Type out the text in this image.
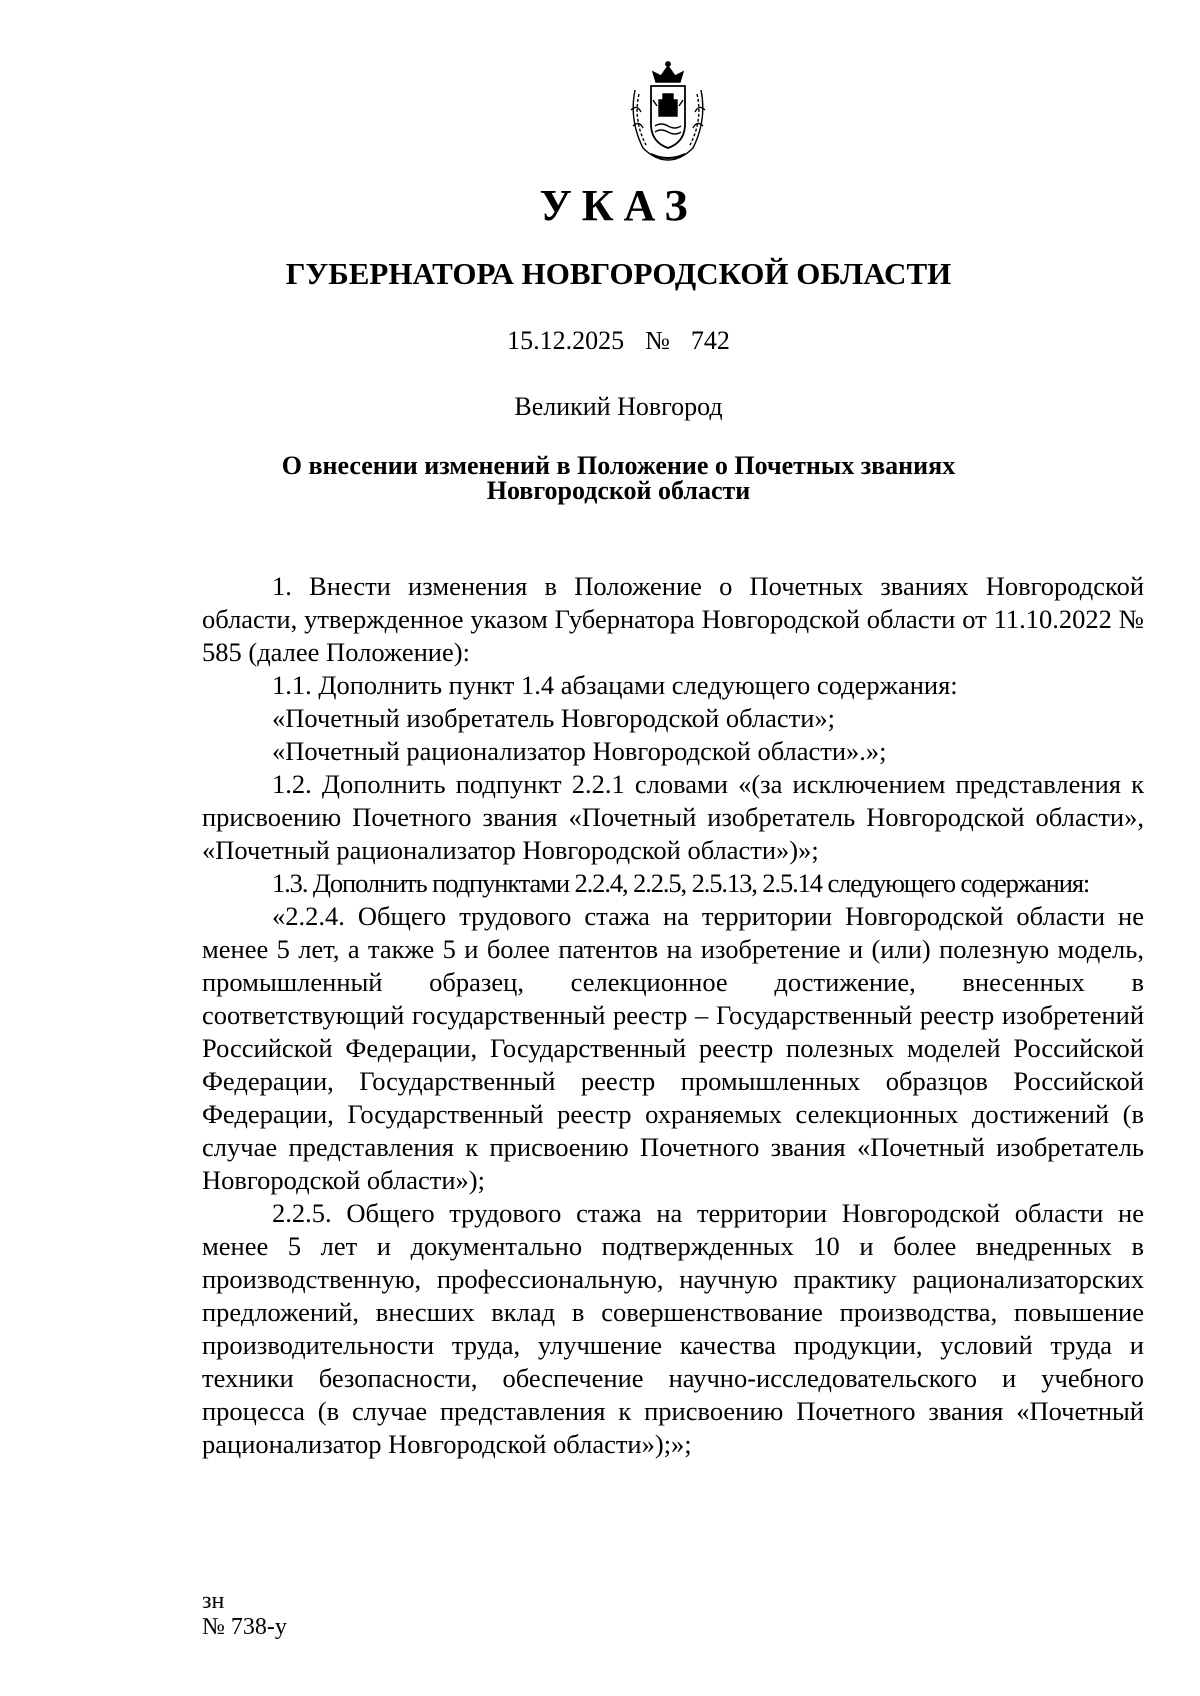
УКАЗ
ГУБЕРНАТОРА НОВГОРОДСКОЙ ОБЛАСТИ
15.12.2025  №  742
Великий Новгород
О внесении изменений в Положение о Почетных званиях
Новгородской области

1. Внести изменения в Положение о Почетных званиях Новгородской области, утвержденное указом Губернатора Новгородской области от 11.10.2022 № 585 (далее Положение):

1.1. Дополнить пункт 1.4 абзацами следующего содержания:

«Почетный изобретатель Новгородской области»;

«Почетный рационализатор Новгородской области».»;

1.2. Дополнить подпункт 2.2.1 словами «(за исключением представления к присвоению Почетного звания «Почетный изобретатель Новгородской области», «Почетный рационализатор Новгородской области»)»;

1.3. Дополнить подпунктами 2.2.4, 2.2.5, 2.5.13, 2.5.14 следующего содержания:

«2.2.4. Общего трудового стажа на территории Новгородской области не менее 5 лет, а также 5 и более патентов на изобретение и (или) полезную модель, промышленный образец, селекционное достижение, внесенных в соответствующий государственный реестр – Государственный реестр изобретений Российской Федерации, Государственный реестр полезных моделей Российской Федерации, Государственный реестр промышленных образцов Российской Федерации, Государственный реестр охраняемых селекционных достижений (в случае представления к присвоению Почетного звания «Почетный изобретатель Новгородской области»);

2.2.5. Общего трудового стажа на территории Новгородской области не менее 5 лет и документально подтвержденных 10 и более внедренных в производственную, профессиональную, научную практику рационализаторских предложений, внесших вклад в совершенствование производства, повышение производительности труда, улучшение качества продукции, условий труда и техники безопасности, обеспечение научно-исследовательского и учебного процесса (в случае представления к присвоению Почетного звания «Почетный рационализатор Новгородской области»);»;

зн
№ 738-у
